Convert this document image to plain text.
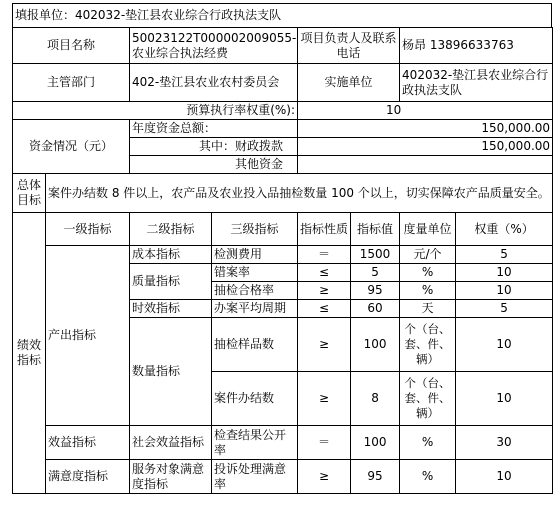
填报单位：402032-垫江县农业综合行政执法支队
项目名称		50023122T000002009055-农业综合执法经费		项目负责人及联系电话		杨昂 13896633763	
主管部门		402-垫江县农业农村委员会		实施单位		402032-垫江县农业综合行政执法支队	
预算执行率权重(%):				10			
资金情况（元）		年度资金总额：		150,000.00			
		其中：财政拨款		150,000.00			
		其他资金					
总体目标	案件办结数 8 件以上，农产品及农业投入品抽检数量 100 个以上，切实保障农产品质量安全。						
绩效指标	一级指标	二级指标	三级指标	指标性质	指标值	度量单位	权重（%）
	产出指标	成本指标	检测费用	＝	1500	元/个	5
		质量指标	错案率	≤	5	%	10
			抽检合格率	≥	95	%	10
		时效指标	办案平均周期	≤	60	天	5
		数量指标	抽检样品数	≥	100	个（台、套、件、辆）	10
			案件办结数	≥	8	个（台、套、件、辆）	10
	效益指标	社会效益指标	检查结果公开率	＝	100	%	30
	满意度指标	服务对象满意度指标	投诉处理满意率	≥	95	%	10
